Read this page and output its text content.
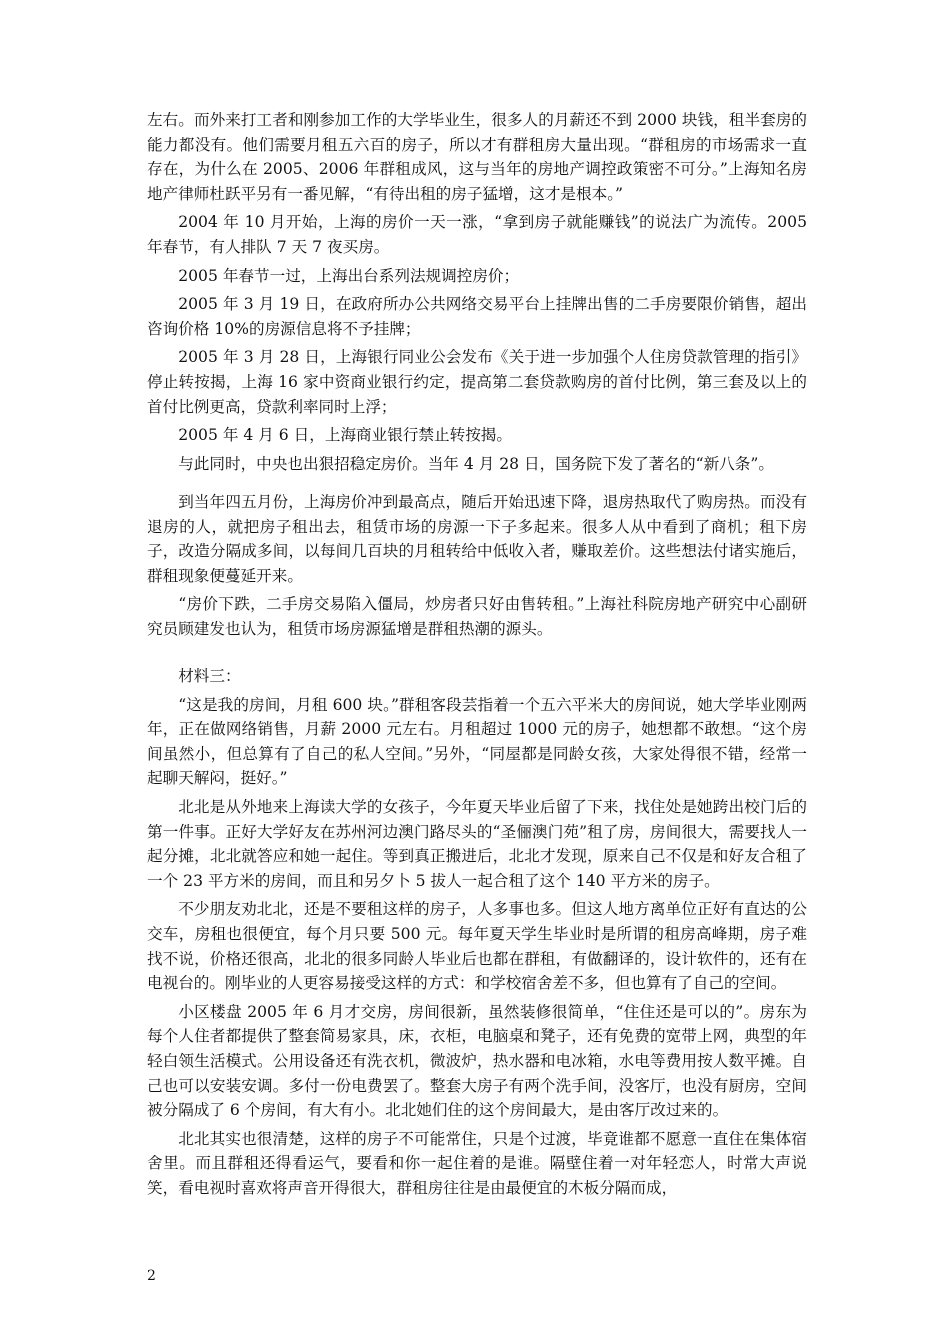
左右。而外来打工者和刚参加工作的大学毕业生，很多人的月薪还不到 2000 块钱，租半套房的能力都没有。他们需要月租五六百的房子，所以才有群租房大量出现。“群租房的市场需求一直存在，为什么在 2005、2006 年群租成风，这与当年的房地产调控政策密不可分。”上海知名房地产律师杜跃平另有一番见解，“有待出租的房子猛增，这才是根本。”

2004 年 10 月开始，上海的房价一天一涨，“拿到房子就能赚钱”的说法广为流传。2005 年春节，有人排队 7 天 7 夜买房。

2005 年春节一过，上海出台系列法规调控房价；

2005 年 3 月 19 日，在政府所办公共网络交易平台上挂牌出售的二手房要限价销售，超出咨询价格 10%的房源信息将不予挂牌；

2005 年 3 月 28 日，上海银行同业公会发布《关于进一步加强个人住房贷款管理的指引》停止转按揭，上海 16 家中资商业银行约定，提高第二套贷款购房的首付比例，第三套及以上的首付比例更高，贷款利率同时上浮；

2005 年 4 月 6 日，上海商业银行禁止转按揭。

与此同时，中央也出狠招稳定房价。当年 4 月 28 日，国务院下发了著名的“新八条”。

到当年四五月份，上海房价冲到最高点，随后开始迅速下降，退房热取代了购房热。而没有退房的人，就把房子租出去，租赁市场的房源一下子多起来。很多人从中看到了商机；租下房子，改造分隔成多间，以每间几百块的月租转给中低收入者，赚取差价。这些想法付诸实施后，群租现象便蔓延开来。

“房价下跌，二手房交易陷入僵局，炒房者只好由售转租。”上海社科院房地产研究中心副研究员顾建发也认为，租赁市场房源猛增是群租热潮的源头。

材料三：

“这是我的房间，月租 600 块。”群租客段芸指着一个五六平米大的房间说，她大学毕业刚两年，正在做网络销售，月薪 2000 元左右。月租超过 1000 元的房子，她想都不敢想。“这个房间虽然小，但总算有了自己的私人空间。”另外，“同屋都是同龄女孩，大家处得很不错，经常一起聊天解闷，挺好。”

北北是从外地来上海读大学的女孩子，今年夏天毕业后留了下来，找住处是她跨出校门后的第一件事。正好大学好友在苏州河边澳门路尽头的“圣俪澳门苑”租了房，房间很大，需要找人一起分摊，北北就答应和她一起住。等到真正搬进后，北北才发现，原来自己不仅是和好友合租了一个 23 平方米的房间，而且和另夕卜 5 拔人一起合租了这个 140 平方米的房子。

不少朋友劝北北，还是不要租这样的房子，人多事也多。但这人地方离单位正好有直达的公交车，房租也很便宜，每个月只要 500 元。每年夏天学生毕业时是所谓的租房高峰期，房子难找不说，价格还很高，北北的很多同龄人毕业后也都在群租，有做翻译的，设计软件的，还有在电视台的。刚毕业的人更容易接受这样的方式：和学校宿舍差不多，但也算有了自己的空间。

小区楼盘 2005 年 6 月才交房，房间很新，虽然装修很简单，“住住还是可以的”。房东为每个人住者都提供了整套简易家具，床，衣柜，电脑桌和凳子，还有免费的宽带上网，典型的年轻白领生活模式。公用设备还有洗衣机，微波炉，热水器和电冰箱，水电等费用按人数平摊。自己也可以安装安调。多付一份电费罢了。整套大房子有两个洗手间，没客厅，也没有厨房，空间被分隔成了 6 个房间，有大有小。北北她们住的这个房间最大，是由客厅改过来的。

北北其实也很清楚，这样的房子不可能常住，只是个过渡，毕竟谁都不愿意一直住在集体宿舍里。而且群租还得看运气，要看和你一起住着的是谁。隔壁住着一对年轻恋人，时常大声说笑，看电视时喜欢将声音开得很大，群租房往往是由最便宜的木板分隔而成，

2
